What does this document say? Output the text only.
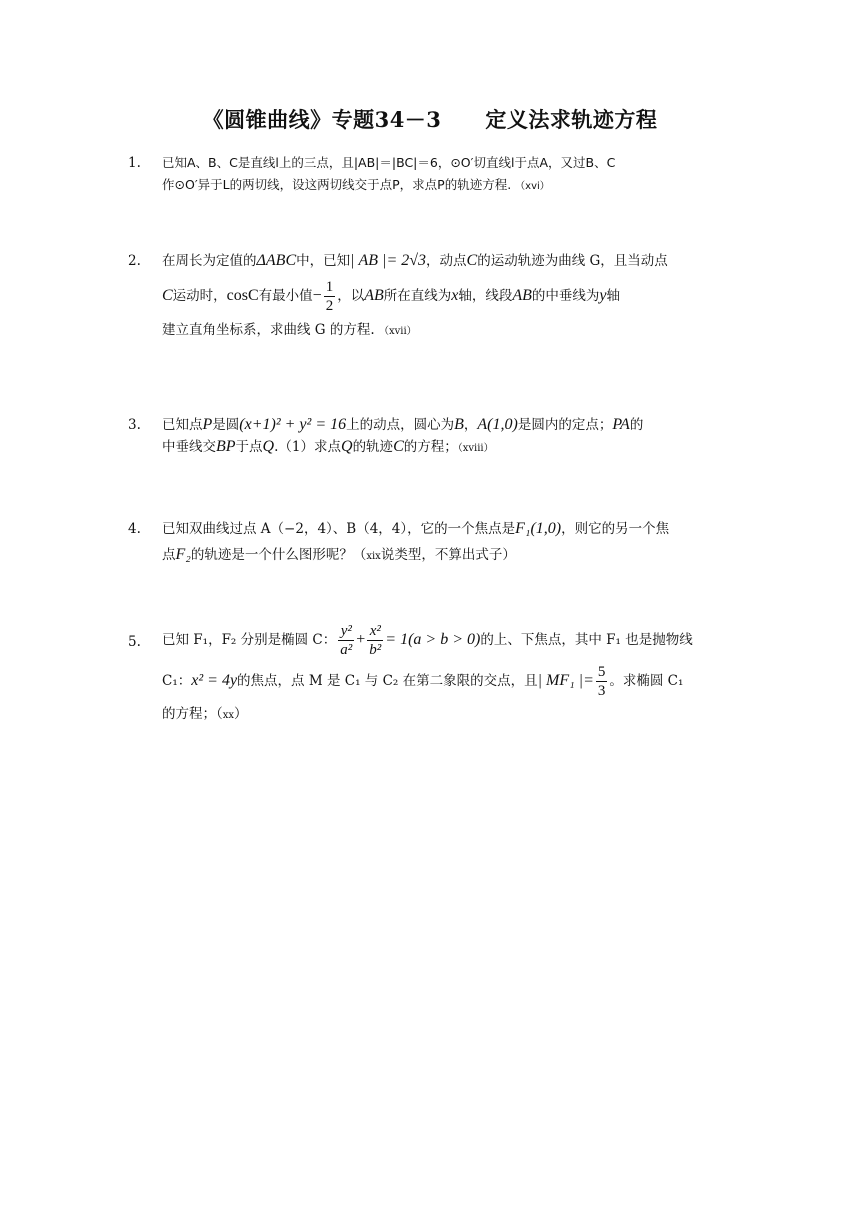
《圆锥曲线》专题34－3 定义法求轨迹方程
1.	已知A、B、C是直线l上的三点，且|AB|＝|BC|＝6，⊙O′切直线l于点A，又过B、C
作⊙O′异于L的两切线，设这两切线交于点P，求点P的轨迹方程. （xvi）
2.	在周长为定值的ΔABC中，已知| AB |= 2√3，动点C的运动轨迹为曲线 G，且当动点
C运动时，cosC有最小值− $\frac{1}{2}$ ，以AB所在直线为x轴，线段AB的中垂线为y轴
建立直角坐标系，求曲线 G 的方程. （xvii）
3.	已知点P是圆(x+1)² + y² = 16上的动点，圆心为B，A(1,0)是圆内的定点；PA的
中垂线交BP于点Q.（1）求点Q的轨迹C的方程；（xviii）
4.	已知双曲线过点 A（−2，4）、B（4，4），它的一个焦点是F₁(1,0)，则它的另一个焦
点F₂的轨迹是一个什么图形呢？（xix说类型，不算出式子）
5.	已知 F₁，F₂ 分别是椭圆 C： $\frac{\text{y²}}{\text{a²}} + \frac{\text{x²}}{\text{b²}} = 1(a > b > 0)$的上、下焦点，其中 F₁ 也是抛物线
C₁：x² = 4y的焦点，点 M 是 C₁ 与 C₂ 在第二象限的交点，且| MF₁ |= $\frac{5}{3}$ 。求椭圆 C₁
的方程；（xx）
